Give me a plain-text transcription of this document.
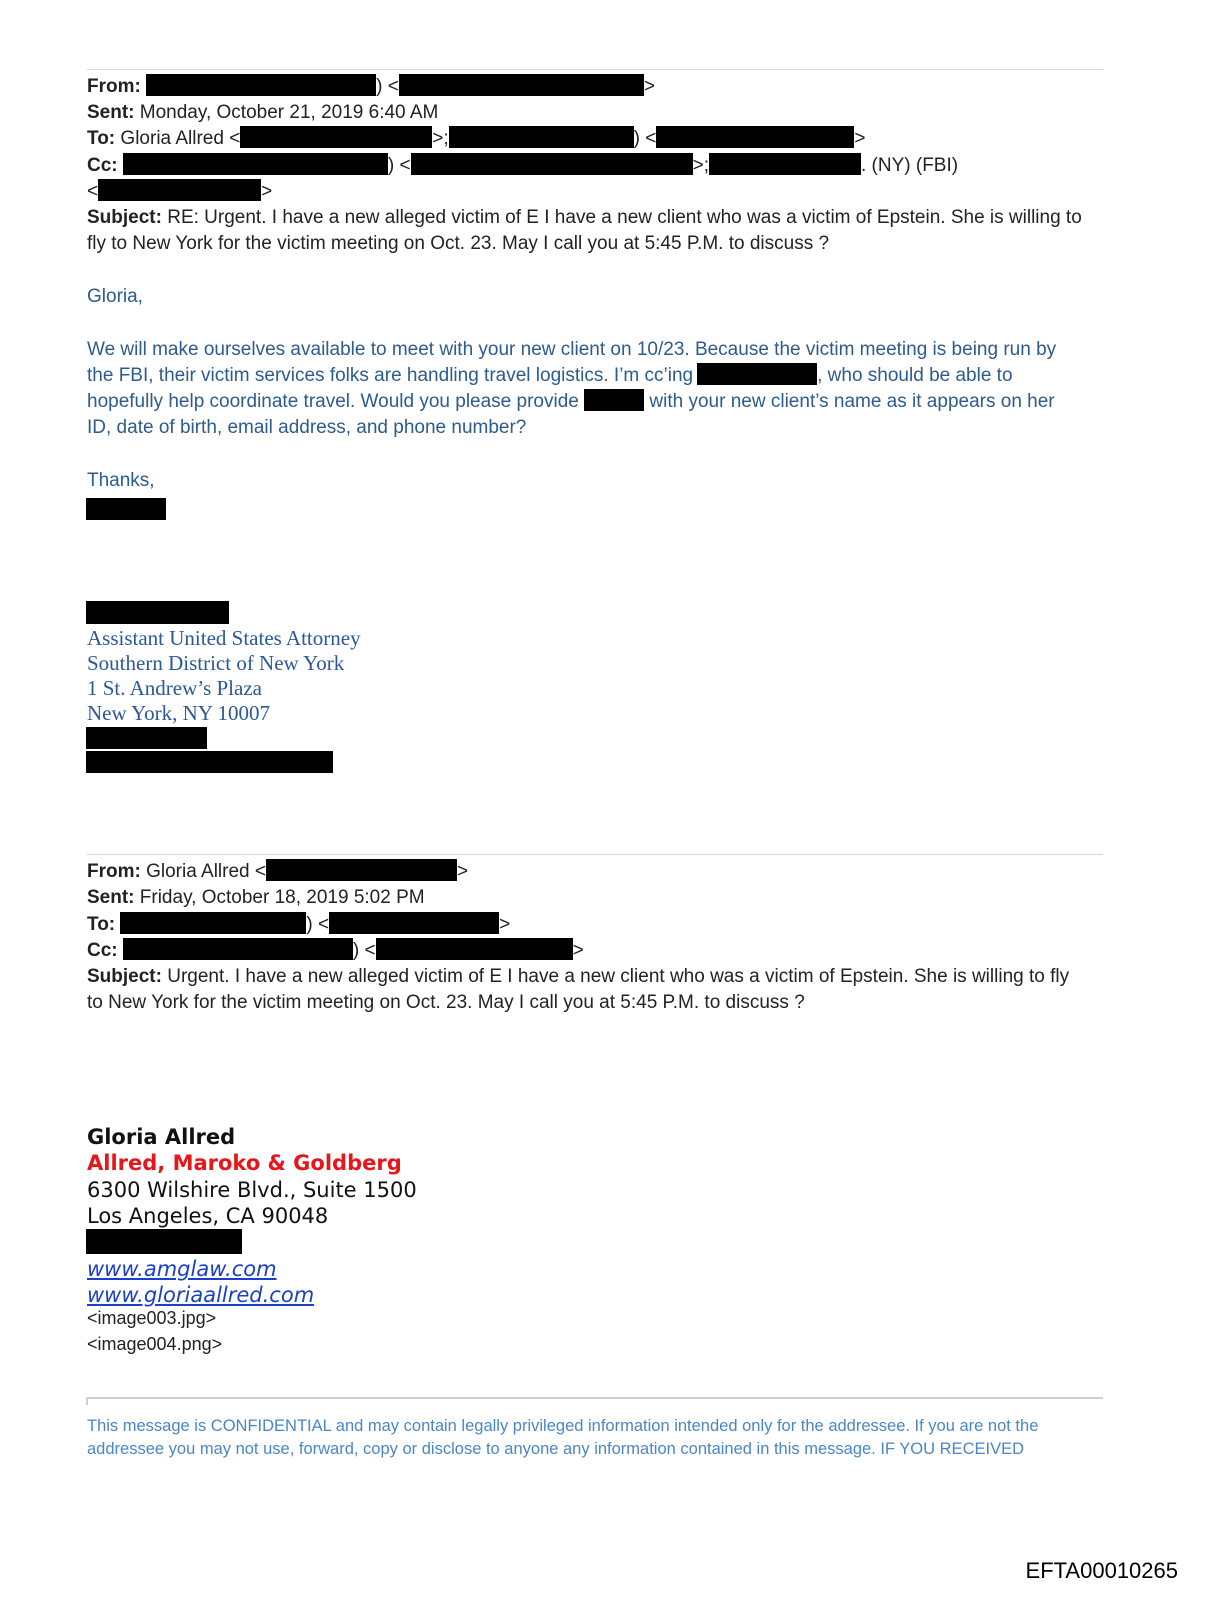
From:	) <	>
Sent: Monday, October 21, 2019 6:40 AM
To: Gloria Allred <	>;	) <	>
Cc:	) <	>;	. (NY) (FBI)
<	>
Subject: RE: Urgent. I have a new alleged victim of E I have a new client who was a victim of Epstein. She is willing to
fly to New York for the victim meeting on Oct. 23. May I call you at 5:45 P.M. to discuss ?
Gloria,
We will make ourselves available to meet with your new client on 10/23. Because the victim meeting is being run by
the FBI, their victim services folks are handling travel logistics. I’m cc’ing	, who should be able to
hopefully help coordinate travel. Would you please provide	with your new client’s name as it appears on her
ID, date of birth, email address, and phone number?
Thanks,
Assistant United States Attorney
Southern District of New York
1 St. Andrew’s Plaza
New York, NY 10007
From: Gloria Allred <	>
Sent: Friday, October 18, 2019 5:02 PM
To:	) <	>
Cc:	) <	>
Subject: Urgent. I have a new alleged victim of E I have a new client who was a victim of Epstein. She is willing to fly
to New York for the victim meeting on Oct. 23. May I call you at 5:45 P.M. to discuss ?
Gloria Allred
Allred, Maroko & Goldberg
6300 Wilshire Blvd., Suite 1500
Los Angeles, CA 90048
www.amglaw.com
www.gloriaallred.com
<image003.jpg>
<image004.png>
This message is CONFIDENTIAL and may contain legally privileged information intended only for the addressee. If you are not the
addressee you may not use, forward, copy or disclose to anyone any information contained in this message. IF YOU RECEIVED
EFTA00010265
